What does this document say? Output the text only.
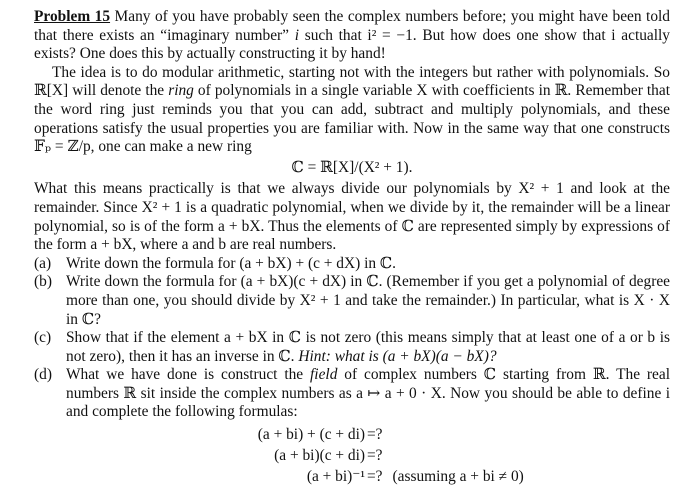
Problem 15 Many of you have probably seen the complex numbers before; you might have been told that there exists an “imaginary number” i such that i² = −1. But how does one show that i actually exists? One does this by actually constructing it by hand!

The idea is to do modular arithmetic, starting not with the integers but rather with polynomials. So ℝ[X] will denote the ring of polynomials in a single variable X with coefficients in ℝ. Remember that the word ring just reminds you that you can add, subtract and multiply polynomials, and these operations satisfy the usual properties you are familiar with. Now in the same way that one constructs 𝔽ₚ = ℤ/p, one can make a new ring

ℂ = ℝ[X]/(X² + 1).

What this means practically is that we always divide our polynomials by X² + 1 and look at the remainder. Since X² + 1 is a quadratic polynomial, when we divide by it, the remainder will be a linear polynomial, so is of the form a + bX. Thus the elements of ℂ are represented simply by expressions of the form a + bX, where a and b are real numbers.

(a) Write down the formula for (a + bX) + (c + dX) in ℂ.
(b) Write down the formula for (a + bX)(c + dX) in ℂ. (Remember if you get a polynomial of degree more than one, you should divide by X² + 1 and take the remainder.) In particular, what is X · X in ℂ?
(c) Show that if the element a + bX in ℂ is not zero (this means simply that at least one of a or b is not zero), then it has an inverse in ℂ. Hint: what is (a + bX)(a − bX)?
(d) What we have done is construct the field of complex numbers ℂ starting from ℝ. The real numbers ℝ sit inside the complex numbers as a ↦ a + 0 · X. Now you should be able to define i and complete the following formulas:
(a + bi) + (c + di) =?
(a + bi)(c + di) =?
(a + bi)⁻¹ =? (assuming a + bi ≠ 0)
